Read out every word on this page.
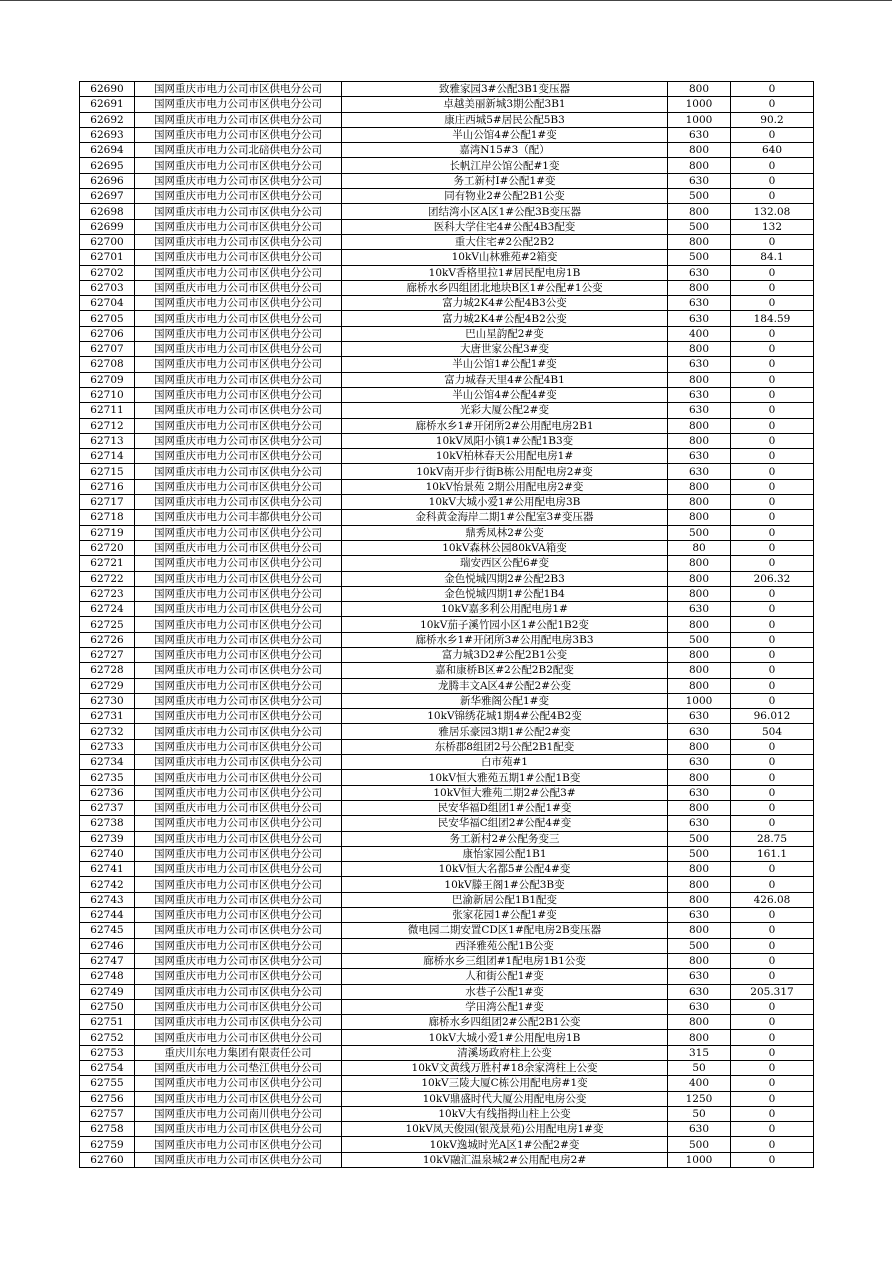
62690	国网重庆市电力公司市区供电分公司	致雅家园3#公配3B1变压器	800	0
62691	国网重庆市电力公司市区供电分公司	卓越美丽新城3期公配3B1	1000	0
62692	国网重庆市电力公司市区供电分公司	康庄西城5#居民公配5B3	1000	90.2
62693	国网重庆市电力公司市区供电分公司	半山公馆4#公配1#变	630	0
62694	国网重庆市电力公司北碚供电分公司	嘉湾N15#3（配）	800	640
62695	国网重庆市电力公司市区供电分公司	长帆江岸公馆公配#1变	800	0
62696	国网重庆市电力公司市区供电分公司	务工新村I#公配1#变	630	0
62697	国网重庆市电力公司市区供电分公司	同有物业2#公配2B1公变	500	0
62698	国网重庆市电力公司市区供电分公司	团结湾小区A区1#公配3B变压器	800	132.08
62699	国网重庆市电力公司市区供电分公司	医科大学住宅4#公配4B3配变	500	132
62700	国网重庆市电力公司市区供电分公司	重大住宅#2公配2B2	800	0
62701	国网重庆市电力公司市区供电分公司	10kV山林雅苑#2箱变	500	84.1
62702	国网重庆市电力公司市区供电分公司	10kV香格里拉1#居民配电房1B	630	0
62703	国网重庆市电力公司市区供电分公司	廊桥水乡四组团北地块B区1#公配#1公变	800	0
62704	国网重庆市电力公司市区供电分公司	富力城2K4#公配4B3公变	630	0
62705	国网重庆市电力公司市区供电分公司	富力城2K4#公配4B2公变	630	184.59
62706	国网重庆市电力公司市区供电分公司	巴山星韵配2#变	400	0
62707	国网重庆市电力公司市区供电分公司	大唐世家公配3#变	800	0
62708	国网重庆市电力公司市区供电分公司	半山公馆1#公配1#变	630	0
62709	国网重庆市电力公司市区供电分公司	富力城春天里4#公配4B1	800	0
62710	国网重庆市电力公司市区供电分公司	半山公馆4#公配4#变	630	0
62711	国网重庆市电力公司市区供电分公司	光彩大厦公配2#变	630	0
62712	国网重庆市电力公司市区供电分公司	廊桥水乡1#开闭所2#公用配电房2B1	800	0
62713	国网重庆市电力公司市区供电分公司	10kV凤阳小镇1#公配1B3变	800	0
62714	国网重庆市电力公司市区供电分公司	10kV柏林春天公用配电房1#	630	0
62715	国网重庆市电力公司市区供电分公司	10kV南开步行街B栋公用配电房2#变	630	0
62716	国网重庆市电力公司市区供电分公司	10kV怡景苑 2期公用配电房2#变	800	0
62717	国网重庆市电力公司市区供电分公司	10kV大城小爱1#公用配电房3B	800	0
62718	国网重庆市电力公司丰都供电分公司	金科黄金海岸二期1#公配室3#变压器	800	0
62719	国网重庆市电力公司市区供电分公司	鼎秀凤林2#公变	500	0
62720	国网重庆市电力公司市区供电分公司	10kV森林公园80kVA箱变	80	0
62721	国网重庆市电力公司市区供电分公司	瑞安西区公配6#变	800	0
62722	国网重庆市电力公司市区供电分公司	金色悦城四期2#公配2B3	800	206.32
62723	国网重庆市电力公司市区供电分公司	金色悦城四期1#公配1B4	800	0
62724	国网重庆市电力公司市区供电分公司	10kV嘉多利公用配电房1#	630	0
62725	国网重庆市电力公司市区供电分公司	10kV茄子溪竹园小区1#公配1B2变	800	0
62726	国网重庆市电力公司市区供电分公司	廊桥水乡1#开闭所3#公用配电房3B3	500	0
62727	国网重庆市电力公司市区供电分公司	富力城3D2#公配2B1公变	800	0
62728	国网重庆市电力公司市区供电分公司	嘉和康桥B区#2公配2B2配变	800	0
62729	国网重庆市电力公司市区供电分公司	龙腾丰文A区4#公配2#公变	800	0
62730	国网重庆市电力公司市区供电分公司	新华雅阁公配1#变	1000	0
62731	国网重庆市电力公司市区供电分公司	10kV锦绣花城1期4#公配4B2变	630	96.012
62732	国网重庆市电力公司市区供电分公司	雅居乐豪园3期1#公配2#变	630	504
62733	国网重庆市电力公司市区供电分公司	东桥郡8组团2号公配2B1配变	800	0
62734	国网重庆市电力公司市区供电分公司	白市苑#1	630	0
62735	国网重庆市电力公司市区供电分公司	10kV恒大雅苑五期1#公配1B变	800	0
62736	国网重庆市电力公司市区供电分公司	10kV恒大雅苑二期2#公配3#	630	0
62737	国网重庆市电力公司市区供电分公司	民安华福D组团1#公配1#变	800	0
62738	国网重庆市电力公司市区供电分公司	民安华福C组团2#公配4#变	630	0
62739	国网重庆市电力公司市区供电分公司	务工新村2#公配务变三	500	28.75
62740	国网重庆市电力公司市区供电分公司	康怡家园公配1B1	500	161.1
62741	国网重庆市电力公司市区供电分公司	10kV恒大名都5#公配4#变	800	0
62742	国网重庆市电力公司市区供电分公司	10kV滕王阁1#公配3B变	800	0
62743	国网重庆市电力公司市区供电分公司	巴渝新居公配1B1配变	800	426.08
62744	国网重庆市电力公司市区供电分公司	张家花园1#公配1#变	630	0
62745	国网重庆市电力公司市区供电分公司	微电园二期安置CD区1#配电房2B变压器	800	0
62746	国网重庆市电力公司市区供电分公司	西泽雅苑公配1B公变	500	0
62747	国网重庆市电力公司市区供电分公司	廊桥水乡三组团#1配电房1B1公变	800	0
62748	国网重庆市电力公司市区供电分公司	人和街公配1#变	630	0
62749	国网重庆市电力公司市区供电分公司	水巷子公配1#变	630	205.317
62750	国网重庆市电力公司市区供电分公司	学田湾公配1#变	630	0
62751	国网重庆市电力公司市区供电分公司	廊桥水乡四组团2#公配2B1公变	800	0
62752	国网重庆市电力公司市区供电分公司	10kV大城小爱1#公用配电房1B	800	0
62753	重庆川东电力集团有限责任公司	清溪场政府柱上公变	315	0
62754	国网重庆市电力公司垫江供电分公司	10kV文黄线万胜村#18余家湾柱上公变	50	0
62755	国网重庆市电力公司市区供电分公司	10kV三陵大厦C栋公用配电房#1变	400	0
62756	国网重庆市电力公司市区供电分公司	10kV鼎盛时代大厦公用配电房公变	1250	0
62757	国网重庆市电力公司南川供电分公司	10kV大有线指拇山柱上公变	50	0
62758	国网重庆市电力公司市区供电分公司	10kV凤天俊园(银茂景苑)公用配电房1#变	630	0
62759	国网重庆市电力公司市区供电分公司	10kV逸城时光A区1#公配2#变	500	0
62760	国网重庆市电力公司市区供电分公司	10kV融汇温泉城2#公用配电房2#	1000	0
